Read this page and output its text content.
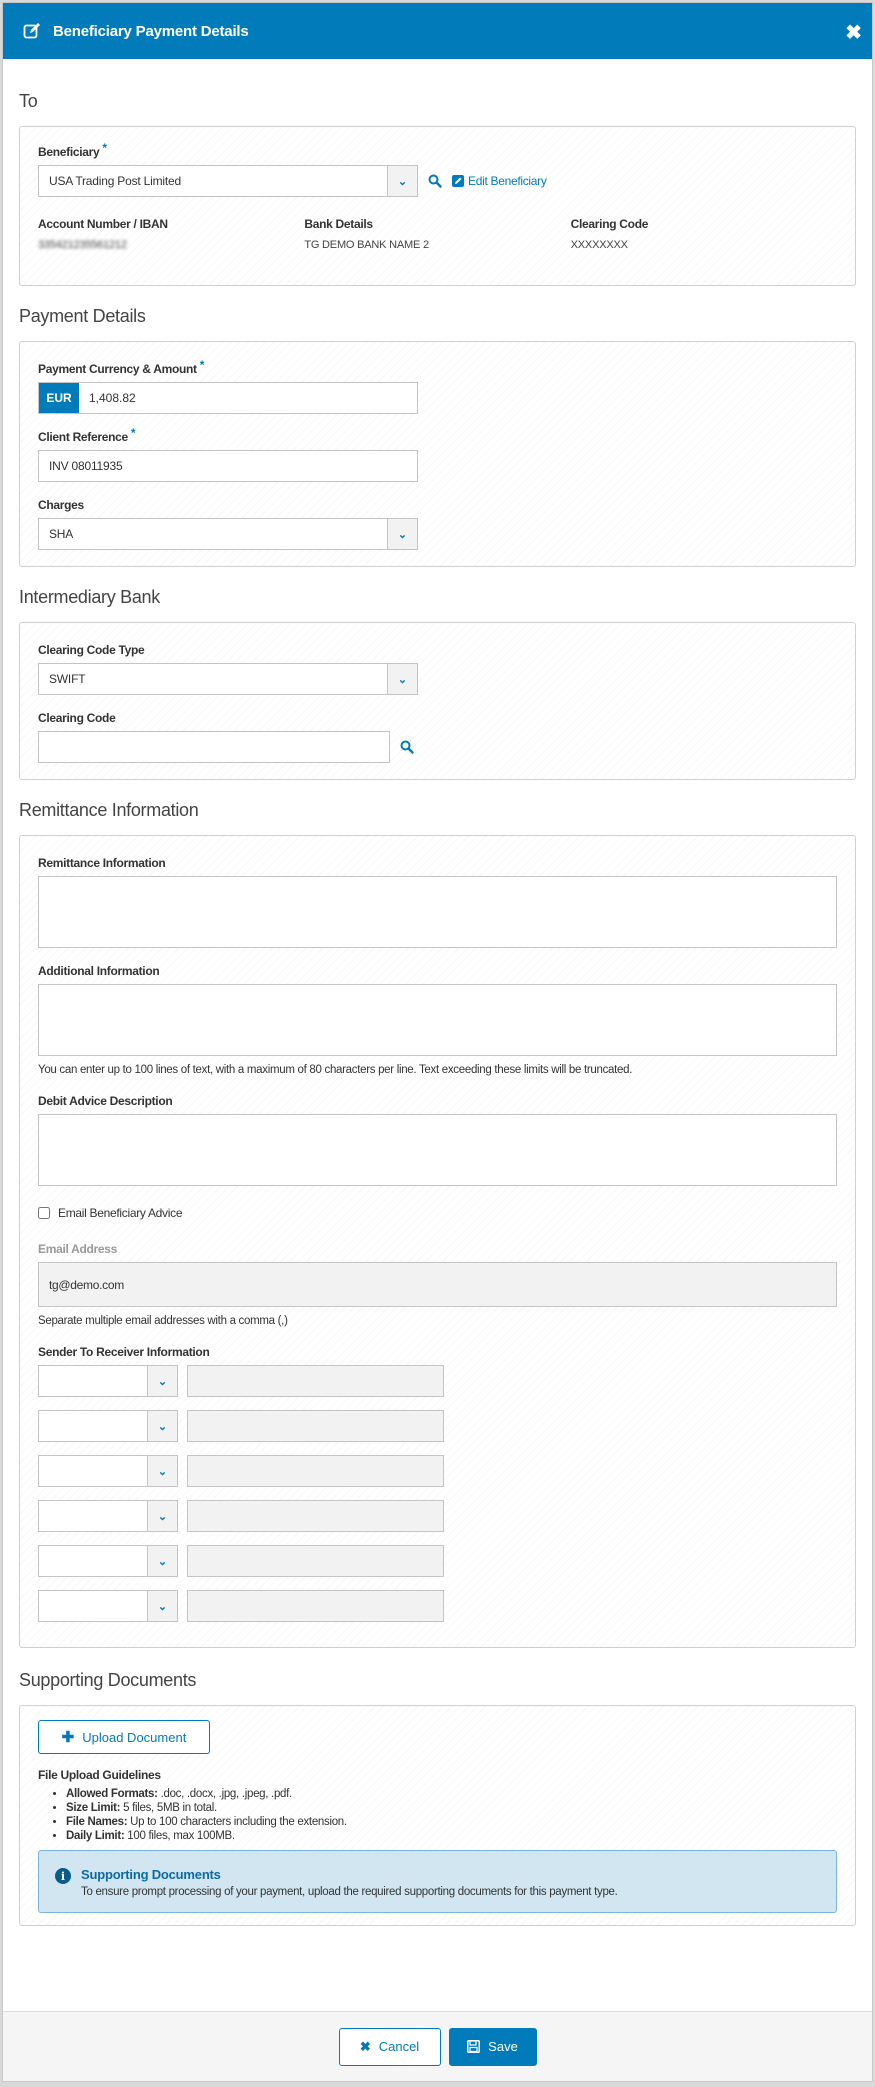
Beneficiary Payment Details	✖
To
Beneficiary *
USA Trading Post Limited	⌄	Edit Beneficiary
Account Number / IBAN
335421235561212
Bank Details
TG DEMO BANK NAME 2
Clearing Code
XXXXXXXX
Payment Details
Payment Currency & Amount *
EUR	1,408.82
Client Reference *
INV 08011935
Charges
SHA	⌄
Intermediary Bank
Clearing Code Type
SWIFT	⌄
Clearing Code
Remittance Information
Remittance Information
Additional Information
You can enter up to 100 lines of text, with a maximum of 80 characters per line. Text exceeding these limits will be truncated.
Debit Advice Description
Email Beneficiary Advice
Email Address
tg@demo.com
Separate multiple email addresses with a comma (,)
Sender To Receiver Information
⌄
⌄
⌄
⌄
⌄
⌄
Supporting Documents
✚ Upload Document
File Upload Guidelines
• Allowed Formats: .doc, .docx, .jpg, .jpeg, .pdf.
• Size Limit: 5 files, 5MB in total.
• File Names: Up to 100 characters including the extension.
• Daily Limit: 100 files, max 100MB.
i	Supporting Documents
To ensure prompt processing of your payment, upload the required supporting documents for this payment type.
✖ Cancel	Save
